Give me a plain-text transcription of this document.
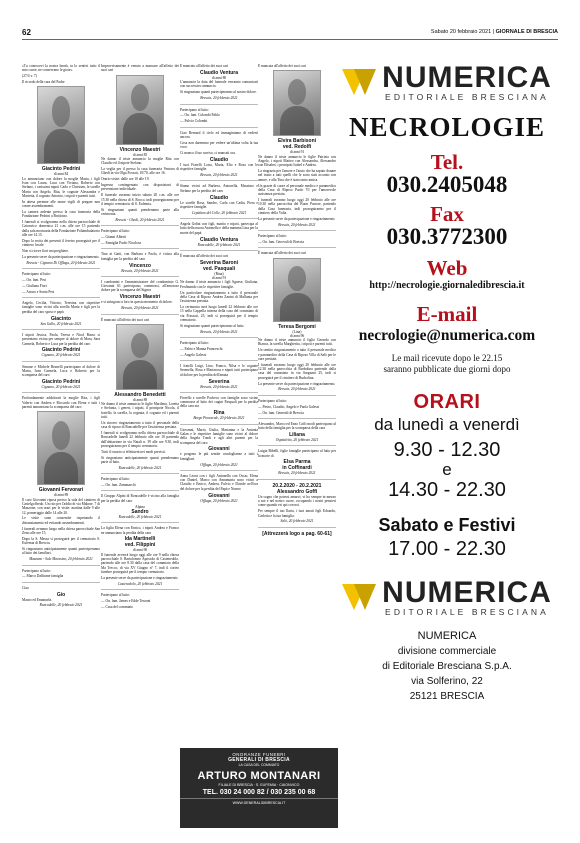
62	Sabato 20 febbraio 2021 | GIORNALE DI BRESCIA

«Tu conoscevi la nostra bontà, tu lo sentivi tutto il mio cuore, ne conservano le gioie».

(27/4 v. 7)

Il ricordo della cara del Padre

Giacinto Pedrini
di anni 84

Lo annunciano con dolore la moglie Maria, i figli Ivan con Laura, Luca con Viviana, Roberto con Stefano, i carissimi nipoti Carlo e Christian, le sorelle Maria con Angelo, Rita, le cognate Alessandra e Marietta, il cognato Antonio, i nipoti e parenti tutti.

In attesa perenne alle nome vigili di pregare non creare assembramenti.

La camera ardente presso la casa funeraria della Fondazione Pedrini a Botticino.

I funerali si svolgeranno nella chiesa parrocchiale di Caionvico domenica 21 c.m. alle ore 15 partendo dalla sala mortuaria della Fondazione Poliambulatorio alle ore 14.15.

Dopo la recita dei presenti il feretro proseguirà per il cimitero locale.

Non si riceve fiori ma preghiere.

La presente serve da partecipazione e ringraziamento.

Brescia - Cignano Di Offlaga, 20 febbraio 2021

Partecipano al lutto:

— On. fam. Pesi

— Giuliana Fiori

— Arturo e Sonia Pesi

Angelo, Cecilia, Vittorio, Teresina con rispettive famiglie sono vicini alla sorella Maria e figli per la perdita del caro sposo e papà

Giacinto
San Gallo, 20 febbraio 2021

I nipoti Jessica, Paola, Teresa e Nicol Basso si presentano vicina per sempre al dolore di Mara, Sara Carmela, Roberto e Luca per la perdita del caro

Giacinto Pedrini
Cignano, 20 febbraio 2021

Simone e Michele Brunelli partecipano al dolore di Maria, Ivan Carmela, Luca e Roberto per la scomparsa del caro

Giacinto Pedrini
Cignano, 20 febbraio 2021

Profondamente addolorati la moglie Rita, i figli Valerio con Andrea e Riccardo con Elena e tutti i parenti annunciano la scomparsa del caro

Giovanni Fervorari
di anni 89

Il caro Giovanni riposa presso la sala del cimitero di Castelgoffredo. Un rito per l'addio di via Malone. 7 di Mazzone, con orari per le visite: mattina dalle 9 alle 12, pomeriggio dalle 14 alle 20.

Le visite sono consentite rispettando il distanziamento ed evitando assembramenti.

I funerali avranno luogo nella chiesa parrocchiale San Zeno alle ore 15.

Dopo la S. Messa si proseguirà per il crematorio S. Eufemia di Brescia.

Si ringraziano anticipatamente quanti parteciperanno al lutto dei familiari.

Mazzano - Sale Marasino, 20 febbraio 2021

Partecipano al lutto:

— Marco Dalfiume famiglia

Ciao

Gio

Mauro ed Emanuela.

Roncadelle, 20 febbraio 2021

Improvvisamente è venuto a mancare all'affetto dei suoi cari

Vincenzo Maestri
di anni 85

Ne danno il triste annuncio la moglie Rita con Claudio ed il nipote Stefano.

La veglia per il presso la casa funeraria Ventura di Ghedi in via Olga Fossati, 10/70, alle ore 16.

Orario visite: dalle ore 10 alle 19.

Ingresso contingentato con disposizioni di prevenzione individuale.

Il funerale avranno inizio sabato 20 c.m. alle ore 15.30 nella chiesa di S. Rocco, indi proseguiranno per il tempio crematorio di S. Eufemia.

Si ringraziano quanti prenderanno parte alla cerimonia.

Brescia - Ghedi, 20 febbraio 2021

Partecipano al lutto:

— Gianni Alberti

— Famiglia Paolo Nicolosa

Tina ai Gatti, con Barbara e Paolo, è vicina alla famiglia per la perdita del caro

Vincenzo
Brescia, 20 febbraio 2021

I condomini e l'amministratore del condominio G. Giovanni 61 partecipano, commossi, all'amoroso dolore per la scomparsa del Signor

Vincenzo Maestri

e si stringono a loro in questo momento di dolore.

Brescia, 20 febbraio 2021

È mancato all'affetto dei suoi cari

Alessandro Benedetti
di anni 88

Ne danno il triste annuncio le figlie Marilena, Loretta e Stefania, i generi, i nipoti, il pronipote Nicola, il fratello, la sorella, la cognata, il cognato ed i parenti tutti.

Un sincero ringraziamento a tutto il personale della casa di riposo di Roncadelle per l'assistenza prestata.

I funerali si svolgeranno nella chiesa parrocchiale di Roncadelle lunedì 22 febbraio alle ore 10 partendo dall'abitazione in via Natali n. 39 alle ore 9.30, indi proseguiranno per il tempio crematorio.

Tutti il rosario si effettuerà nei modi previsti.

Si ringraziano anticipatamente quanti prenderanno parte al lutto.

Roncadelle, 20 febbraio 2021

Partecipano al lutto:

— On. fam. Zammarchi

Il Gruppo Alpini di Roncadelle è vicino alla famiglia per la perdita del caro

Alpino
Sandro
Roncadelle, 20 febbraio 2021

La figlia Elena con Enrico, i nipoti Andrea e Franco ne annunciano la perdita della cara

Ida Martinelli
ved. Filippini
di anni 90

Il funerale avverrà luogo oggi alle ore 9 nella chiesa parrocchiale S. Bartolomeo Apostolo di Castenedolo, partendo alle ore 8.30 dalla casa del commiato della Ma Trecco, di via XV Giugno n° 7, indi il corteo funebre proseguirà per il tempio crematorio.

La presente serve da partecipazione e ringraziamento.

Castenedolo, 20 febbraio 2021

Partecipano al lutto:

— On. fam. James e Edde Terzoni

— Casa del commiato

È mancato all'affetto dei suoi cari

Claudio Ventura
di anni 80

L'annuncio la data del funerale verranno comunicati con successivo annuncio.

Si ringraziano quanti parteciperanno al nostro dolore.

Brescia, 20 febbraio 2021

Partecipano al lutto:

— On. fam. Colombi Pablo

— Fulvio Colombi

Ciao Bernard il cielo ed immaginiamo di vederti ancora.

Cosa non daremmo per vedere un'ultima volta la tua voce.

Ci manca il tuo sorriso, ci mancati ora.

Claudio

I tuoi Fratelli Lorta, Maria, Elio e Rosa con le rispettive famiglie.

Brescia, 20 febbraio 2021

Siamo vicini ad Barbera, Antonella, Massimo e Stefano per la perdita del caro

Claudio

Le sorelle Rosa, Sandro, Carla con Cadia, Piera e rispettive famiglie.

Cepidano del Colle, 20 febbraio 2021

Angela Gobat con figli, marito e nipoti, partecipa al lutto della nuora Antonella e della mamma Lina per la morte del papà

Claudio Ventura
Roncadelle, 20 febbraio 2021

È mancata all'affetto dei suoi cari

Severina Baroni
ved. Pasquali
(Rina)
di anni 91

Ne danno il triste annuncio i figli Agnese, Giuliana, Ferdinando con le rispettive famiglie.

Un particolare ringraziamento a tutto il personale della Casa di Riposo Andrea Zanini di Mallanta per l'assistenza prestata.

La cerimonia avrà luogo lunedì 22 febbraio alle ore 15 nella Cappella interna della casa del commiato di via Frassati, 25, indi si proseguirà per il tempio crematorio.

Si ringraziano quanti parteciperanno al lutto.

Brescia, 20 febbraio 2021

Partecipano al lutto:

— Fabio e Manna Franceschi

— Angelo Galessi

I fratelli Luigi, Lino, Franco, Nilsa e le cognate Serenella, Rosa e Mariarosa e nipoti tutti partecipano al dolore per la perdita dell'amata

Severina
Brescia, 20 febbraio 2021

Fiorello e sorelle Pacheco con famiglie sono vicine commosse al lutto dei cugini Pasquali per la perdita della cara zia

Rina
Borgo Poncarale, 20 febbraio 2021

Giovanni, Mario, Giulia, Marianna e la Antonia Galan e le rispettive famiglie sono vicini al dolore della Angela Tondi e agli altri parenti per la scomparsa del caro

Giovanni

e porgono le più sentite condoglianze a tutti i famigliari.

Offlaga, 20 febbraio 2021

Anna Leoni con i figli Antonella con Oscar, Elena con Daniel, Marco con Annamaria sono vicini a Claudio e Enrico, Andrea, Fulvio e Davide nell'ora del dolore per la perdita del Papà e Nonno

Giovanni
Offlaga, 20 febbraio 2021

È mancata all'affetto dei suoi cari

Elvira Barbisoni
ved. Redolfi
di anni 91

Ne danno il triste annuncio le figlie Patrizia con Angelo, i nipoti Matteo con Alessandra, Alessandro con Elisabet, i pronipoti Isabel e Andrea.

La ringrazia per l'amore e l'aiuto che ha saputo donare nel tratto a tutti quelli che le sono stati accanto con amore, e alla Tina che è stata tanto amica.

Un grazie di cuore al personale medico e paramedico della Casa di Riposo Paolo VI per l'amorevole assistenza prestata.

I funerali avranno luogo oggi 20 febbraio alle ore 10.30 nella parrocchia del Buon Pastore, partendo dalla Casa funeraria, indi proseguiranno per il cimitero della Volta.

La presente serve da partecipazione e ringraziamento.

Brescia, 20 febbraio 2021

Partecipano al lutto:

— On. fam. Gerovali di Brescia

È mancata all'affetto dei suoi cari

Teresa Bergomi
(Lina)
di anni 96

Ne danno il triste annuncio il figlio Gerardo con Bianca, la sorella Margherita, i nipoti e parenti tutti.

Un sentito ringraziamento a tutto il personale medico e paramedico della Casa di Riposo Villa di Salò per le cure prestate.

I funerali avranno luogo oggi 20 febbraio alle ore 12.30 nella parrocchia di Burbolina partendo dalla casa del commiato in via Sargnani 25, indi si proseguirà per il cimitero di Burbolina.

La presente serve da partecipazione e ringraziamento.

Brescia, 20 febbraio 2021

Partecipano al lutto:

— Pietro, Claudio, Angelo e Paola Galessi

— On. fam. Generali di Brescia

Alessandro, Marco ed Enzo Coffi modi partecipano al lutto della famiglia per la scomparsa della cara

Liliana
Ospitaletto, 20 febbraio 2021

Luigia Bibelli, figlie famiglie partecipano al lutto per la morte di

Elsa Parma
in Coffinardi
Brescia, 20 febbraio 2021
20.2.2020 - 20.2.2021
Alessandro Goffi

Un sogno che potessi amarvi, vi ho sempre in mezzo a noi e nel nostro cuore, occupando i nostri pensieri come quando eri qui con noi.

Per sempre il tuo Ilaria, i tuoi amati figli Edoardo, Carlotta e la tua famiglia.

Salò, 20 febbraio 2021
[Attrezzerà logo a pag. 60-61]
ONORANZE FUNEBRI
GENERALI DI BRESCIA
LA CASA DEL COMMIATO
ARTURO MONTANARI
FILIALE DI BRESCIA · S. EUFEMIA · CAIONVICO
TEL. 030 24 000 82 / 030 235 00 68
WWW.GENERALIDIBRESCIA.IT
NUMERICA
EDITORIALE BRESCIANA
NECROLOGIE
Tel.
030.2405048
Fax
030.3772300
Web
http://necrologie.giornaledibrescia.it
E-mail
necrologie@numerica.com
Le mail ricevute dopo le 22.15
saranno pubblicate due giorni dopo
ORARI
da lunedì a venerdì
9.30 - 12.30
e
14.30 - 22.30
Sabato e Festivi
17.00 - 22.30
NUMERICA
EDITORIALE BRESCIANA
NUMERICA
divisione commerciale
di Editoriale Bresciana S.p.A.
via Solferino, 22
25121 BRESCIA
